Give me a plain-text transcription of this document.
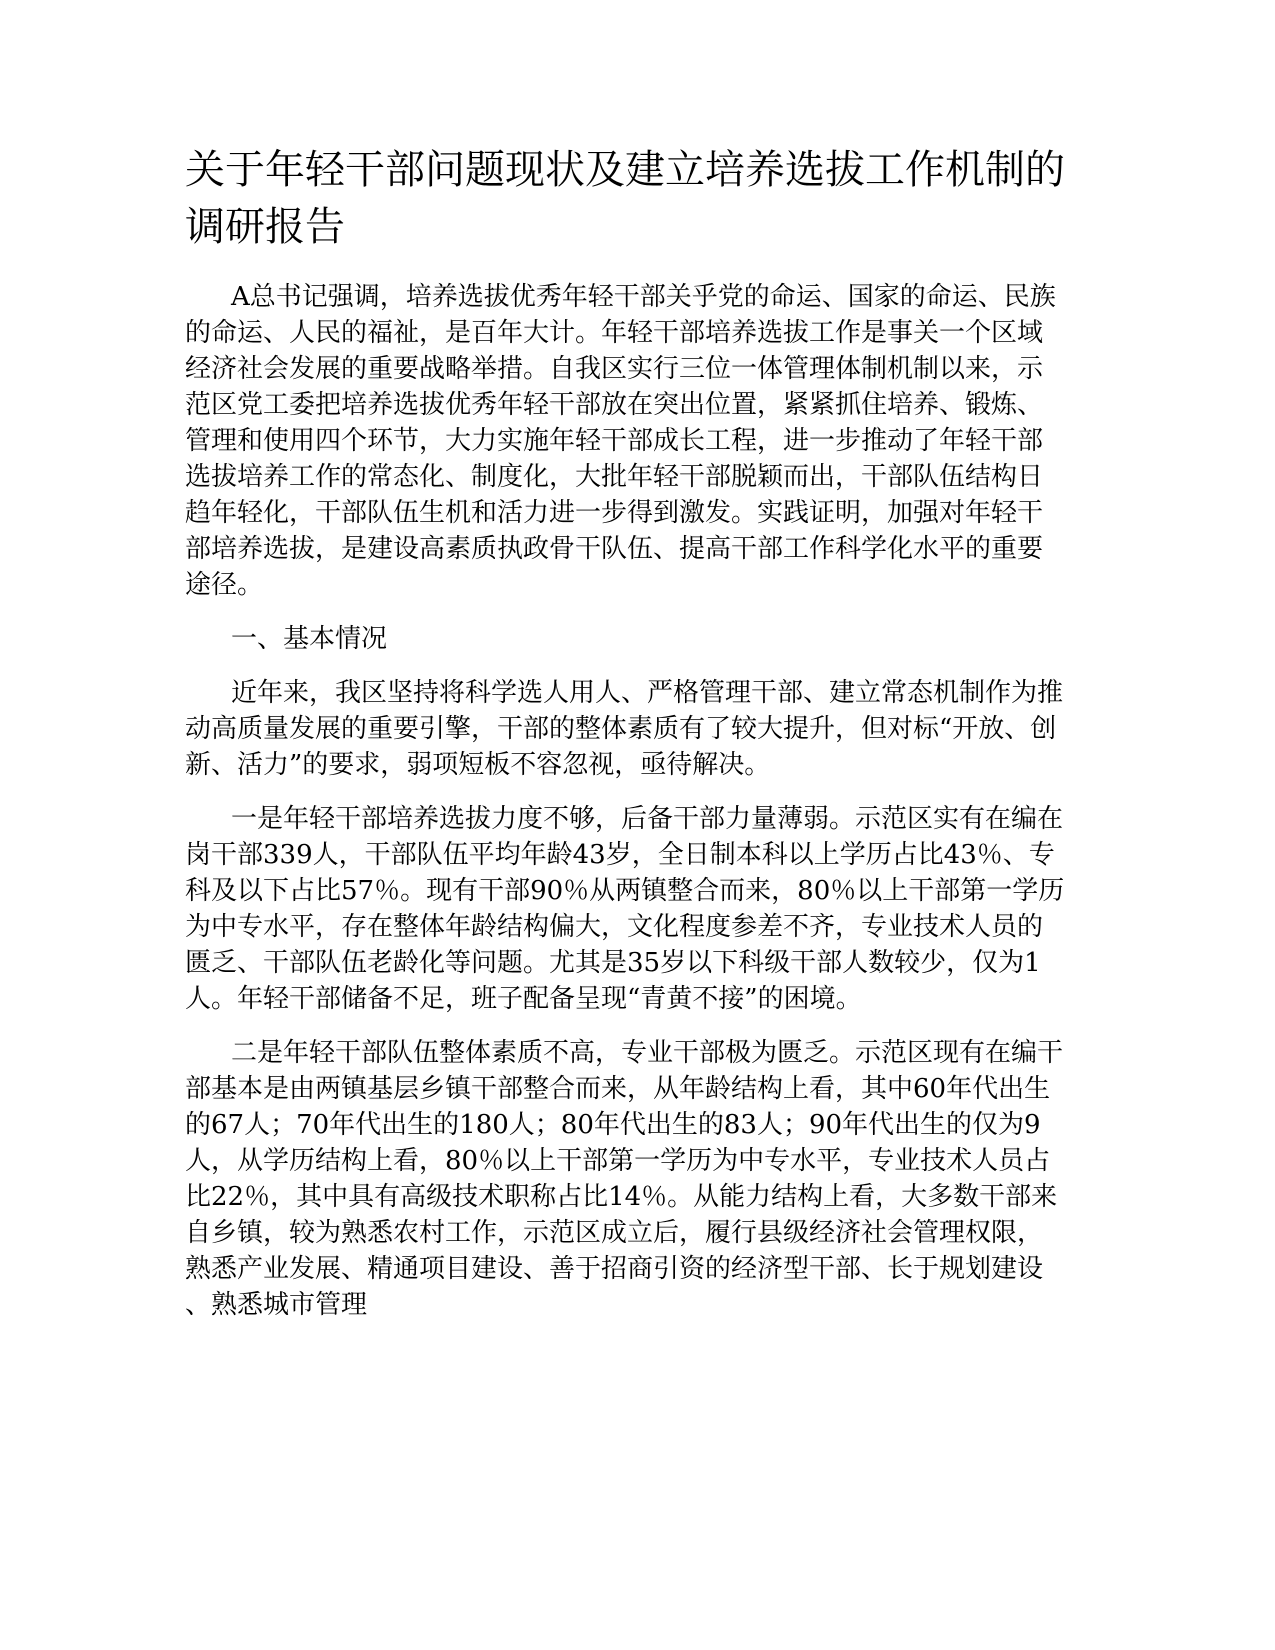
关于年轻干部问题现状及建立培养选拔工作机制的调研报告

A总书记强调，培养选拔优秀年轻干部关乎党的命运、国家的命运、民族的命运、人民的福祉，是百年大计。年轻干部培养选拔工作是事关一个区域经济社会发展的重要战略举措。自我区实行三位一体管理体制机制以来，示范区党工委把培养选拔优秀年轻干部放在突出位置，紧紧抓住培养、锻炼、管理和使用四个环节，大力实施年轻干部成长工程，进一步推动了年轻干部选拔培养工作的常态化、制度化，大批年轻干部脱颖而出，干部队伍结构日趋年轻化，干部队伍生机和活力进一步得到激发。实践证明，加强对年轻干部培养选拔，是建设高素质执政骨干队伍、提高干部工作科学化水平的重要途径。

一、基本情况

近年来，我区坚持将科学选人用人、严格管理干部、建立常态机制作为推动高质量发展的重要引擎，干部的整体素质有了较大提升，但对标“开放、创新、活力”的要求，弱项短板不容忽视，亟待解决。

一是年轻干部培养选拔力度不够，后备干部力量薄弱。示范区实有在编在岗干部339人，干部队伍平均年龄43岁，全日制本科以上学历占比43％、专科及以下占比57％。现有干部90％从两镇整合而来，80％以上干部第一学历为中专水平，存在整体年龄结构偏大，文化程度参差不齐，专业技术人员的匮乏、干部队伍老龄化等问题。尤其是35岁以下科级干部人数较少，仅为1人。年轻干部储备不足，班子配备呈现“青黄不接”的困境。

二是年轻干部队伍整体素质不高，专业干部极为匮乏。示范区现有在编干部基本是由两镇基层乡镇干部整合而来，从年龄结构上看，其中60年代出生的67人；70年代出生的180人；80年代出生的83人；90年代出生的仅为9人，从学历结构上看，80％以上干部第一学历为中专水平，专业技术人员占比22％，其中具有高级技术职称占比14％。从能力结构上看，大多数干部来自乡镇，较为熟悉农村工作，示范区成立后，履行县级经济社会管理权限，熟悉产业发展、精通项目建设、善于招商引资的经济型干部、长于规划建设、熟悉城市管理
